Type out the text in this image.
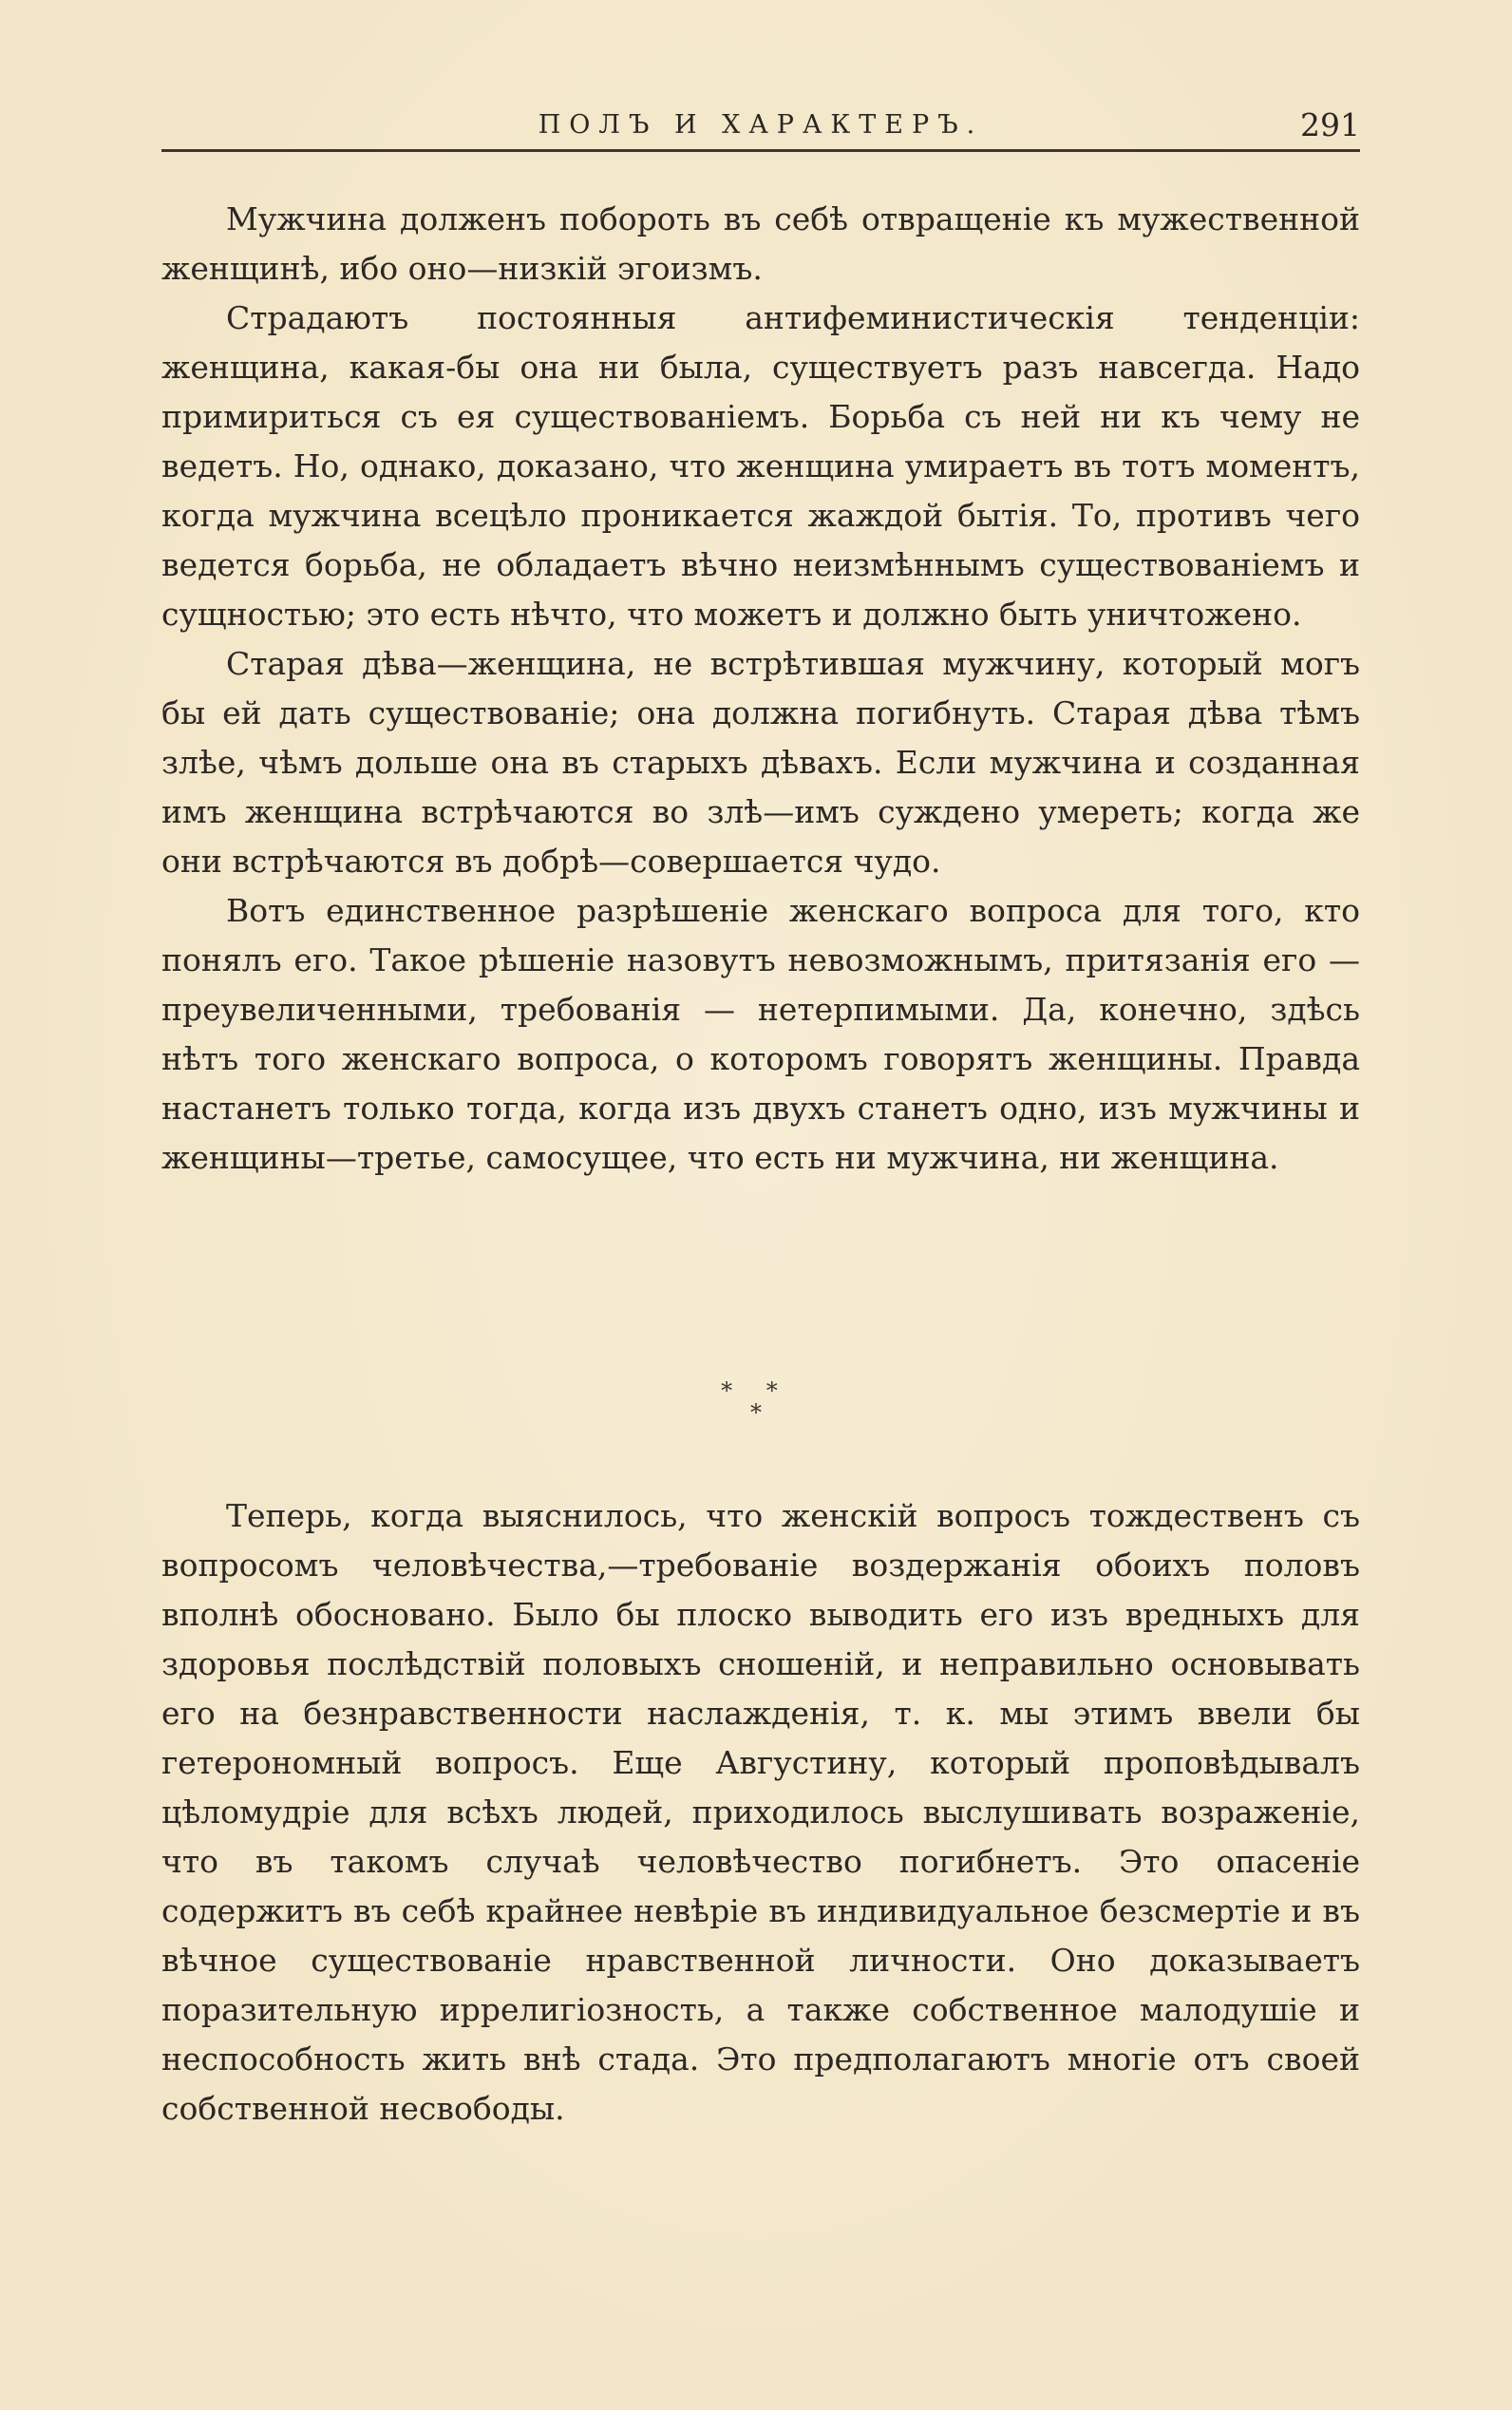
ПОЛЪ И ХАРАКТЕРЪ.	291

Мужчина долженъ побороть въ себѣ отвращеніе къ мужественной женщинѣ, ибо оно—низкій эгоизмъ.

Страдаютъ постоянныя антифеминистическія тенденціи: женщина, какая-бы она ни была, существуетъ разъ навсегда. Надо примириться съ ея существованіемъ. Борьба съ ней ни къ чему не ведетъ. Но, однако, доказано, что женщина умираетъ въ тотъ моментъ, когда мужчина всецѣло проникается жаждой бытія. То, противъ чего ведется борьба, не обладаетъ вѣчно неизмѣннымъ существованіемъ и сущностью; это есть нѣчто, что можетъ и должно быть уничтожено.

Старая дѣва—женщина, не встрѣтившая мужчину, который могъ бы ей дать существованіе; она должна погибнуть. Старая дѣва тѣмъ злѣе, чѣмъ дольше она въ старыхъ дѣвахъ. Если мужчина и созданная имъ женщина встрѣчаются во злѣ—имъ суждено умереть; когда же они встрѣчаются въ добрѣ—совершается чудо.

Вотъ единственное разрѣшеніе женскаго вопроса для того, кто понялъ его. Такое рѣшеніе назовутъ невозможнымъ, притязанія его — преувеличенными, требованія — нетерпимыми. Да, конечно, здѣсь нѣтъ того женскаго вопроса, о которомъ говорятъ женщины. Правда настанетъ только тогда, когда изъ двухъ станетъ одно, изъ мужчины и женщины—третье, самосущее, что есть ни мужчина, ни женщина.

* *
*

Теперь, когда выяснилось, что женскій вопросъ тождественъ съ вопросомъ человѣчества,—требованіе воздержанія обоихъ половъ вполнѣ обосновано. Было бы плоско выводить его изъ вредныхъ для здоровья послѣдствій половыхъ сношеній, и неправильно основывать его на безнравственности наслажденія, т. к. мы этимъ ввели бы гетерономный вопросъ. Еще Августину, который проповѣдывалъ цѣломудріе для всѣхъ людей, приходилось выслушивать возраженіе, что въ такомъ случаѣ человѣчество погибнетъ. Это опасеніе содержитъ въ себѣ крайнее невѣріе въ индивидуальное безсмертіе и въ вѣчное существованіе нравственной личности. Оно доказываетъ поразительную иррелигіозность, а также собственное малодушіе и неспособность жить внѣ стада. Это предполагаютъ многіе отъ своей собственной несвободы.
